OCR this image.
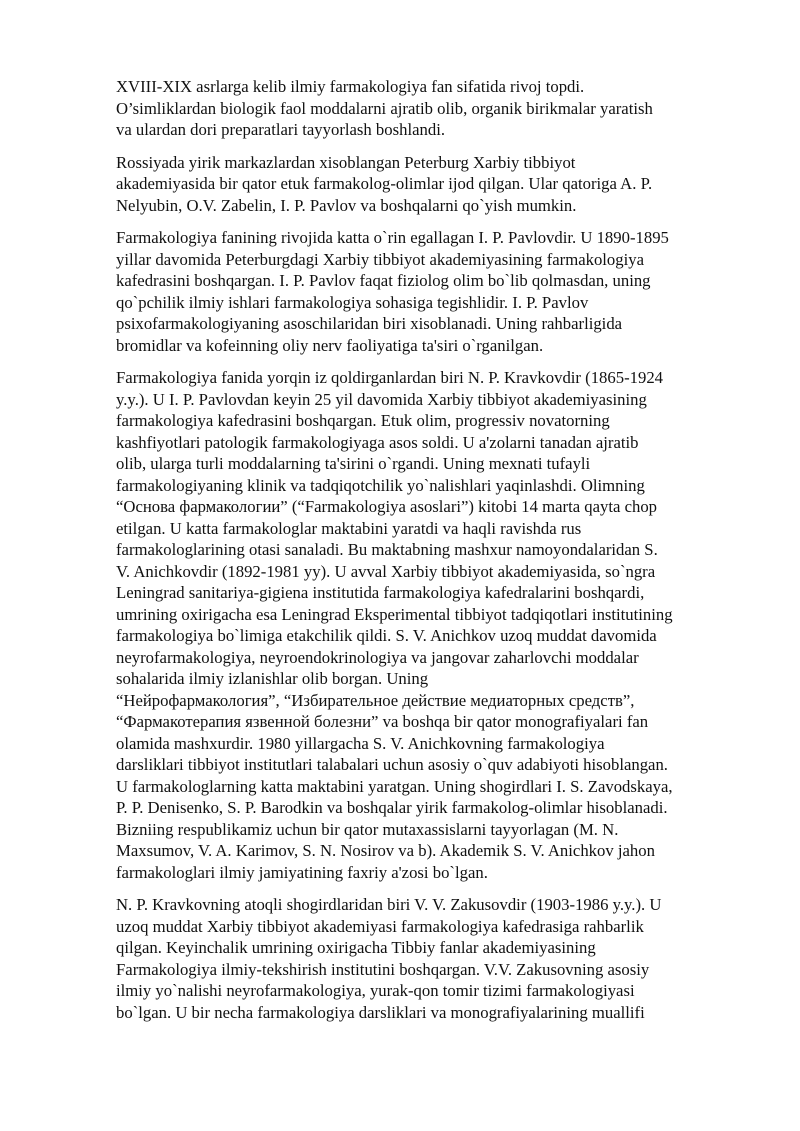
XVIII-XIX asrlarga kelib ilmiy farmakologiya fan sifatida rivoj topdi.
O’simliklardan biologik faol moddalarni ajratib olib, organik birikmalar yaratish
va ulardan dori preparatlari tayyorlash boshlandi.

Rossiyada yirik markazlardan xisoblangan Peterburg Xarbiy tibbiyot
akademiyasida bir qator etuk farmakolog-olimlar ijod qilgan. Ular qatoriga A. P.
Nelyubin, O.V. Zabelin, I. P. Pavlov va boshqalarni qo`yish mumkin.

Farmakologiya fanining rivojida katta o`rin egallagan I. P. Pavlovdir. U 1890-1895
yillar davomida Peterburgdagi Xarbiy tibbiyot akademiyasining farmakologiya
kafedrasini boshqargan. I. P. Pavlov faqat fiziolog olim bo`lib qolmasdan, uning
qo`pchilik ilmiy ishlari farmakologiya sohasiga tegishlidir. I. P. Pavlov
psixofarmakologiyaning asoschilaridan biri xisoblanadi. Uning rahbarligida
bromidlar va kofeinning oliy nerv faoliyatiga ta'siri o`rganilgan.

Farmakologiya fanida yorqin iz qoldirganlardan biri N. P. Kravkovdir (1865-1924
y.y.). U I. P. Pavlovdan keyin 25 yil davomida Xarbiy tibbiyot akademiyasining
farmakologiya kafedrasini boshqargan. Etuk olim, progressiv novatorning
kashfiyotlari patologik farmakologiyaga asos soldi. U a'zolarni tanadan ajratib
olib, ularga turli moddalarning ta'sirini o`rgandi. Uning mexnati tufayli
farmakologiyaning klinik va tadqiqotchilik yo`nalishlari yaqinlashdi. Olimning
“Основа фармакологии” (“Farmakologiya asoslari”) kitobi 14 marta qayta chop
etilgan. U katta farmakologlar maktabini yaratdi va haqli ravishda rus
farmakologlarining otasi sanaladi. Bu maktabning mashxur namoyondalaridan S.
V. Anichkovdir (1892-1981 yy). U avval Xarbiy tibbiyot akademiyasida, so`ngra
Leningrad sanitariya-gigiena institutida farmakologiya kafedralarini boshqardi,
umrining oxirigacha esa Leningrad Eksperimental tibbiyot tadqiqotlari institutining
farmakologiya bo`limiga etakchilik qildi. S. V. Anichkov uzoq muddat davomida
neyrofarmakologiya, neyroendokrinologiya va jangovar zaharlovchi moddalar
sohalarida ilmiy izlanishlar olib borgan. Uning
“Нейрофармакология”, “Избирательное действие медиаторных средств”,
“Фармакотерапия язвенной болезни” va boshqa bir qator monografiyalari fan
olamida mashxurdir. 1980 yillargacha S. V. Anichkovning farmakologiya
darsliklari tibbiyot institutlari talabalari uchun asosiy o`quv adabiyoti hisoblangan.
U farmakologlarning katta maktabini yaratgan. Uning shogirdlari I. S. Zavodskaya,
P. P. Denisenko, S. P. Barodkin va boshqalar yirik farmakolog-olimlar hisoblanadi.
Bizniing respublikamiz uchun bir qator mutaxassislarni tayyorlagan (M. N.
Maxsumov, V. A. Karimov, S. N. Nosirov va b). Akademik S. V. Anichkov jahon
farmakologlari ilmiy jamiyatining faxriy a'zosi bo`lgan.

N. P. Kravkovning atoqli shogirdlaridan biri V. V. Zakusovdir (1903-1986 y.y.). U
uzoq muddat Xarbiy tibbiyot akademiyasi farmakologiya kafedrasiga rahbarlik
qilgan. Keyinchalik umrining oxirigacha Tibbiy fanlar akademiyasining
Farmakologiya ilmiy-tekshirish institutini boshqargan. V.V. Zakusovning asosiy
ilmiy yo`nalishi neyrofarmakologiya, yurak-qon tomir tizimi farmakologiyasi
bo`lgan. U bir necha farmakologiya darsliklari va monografiyalarining muallifi
